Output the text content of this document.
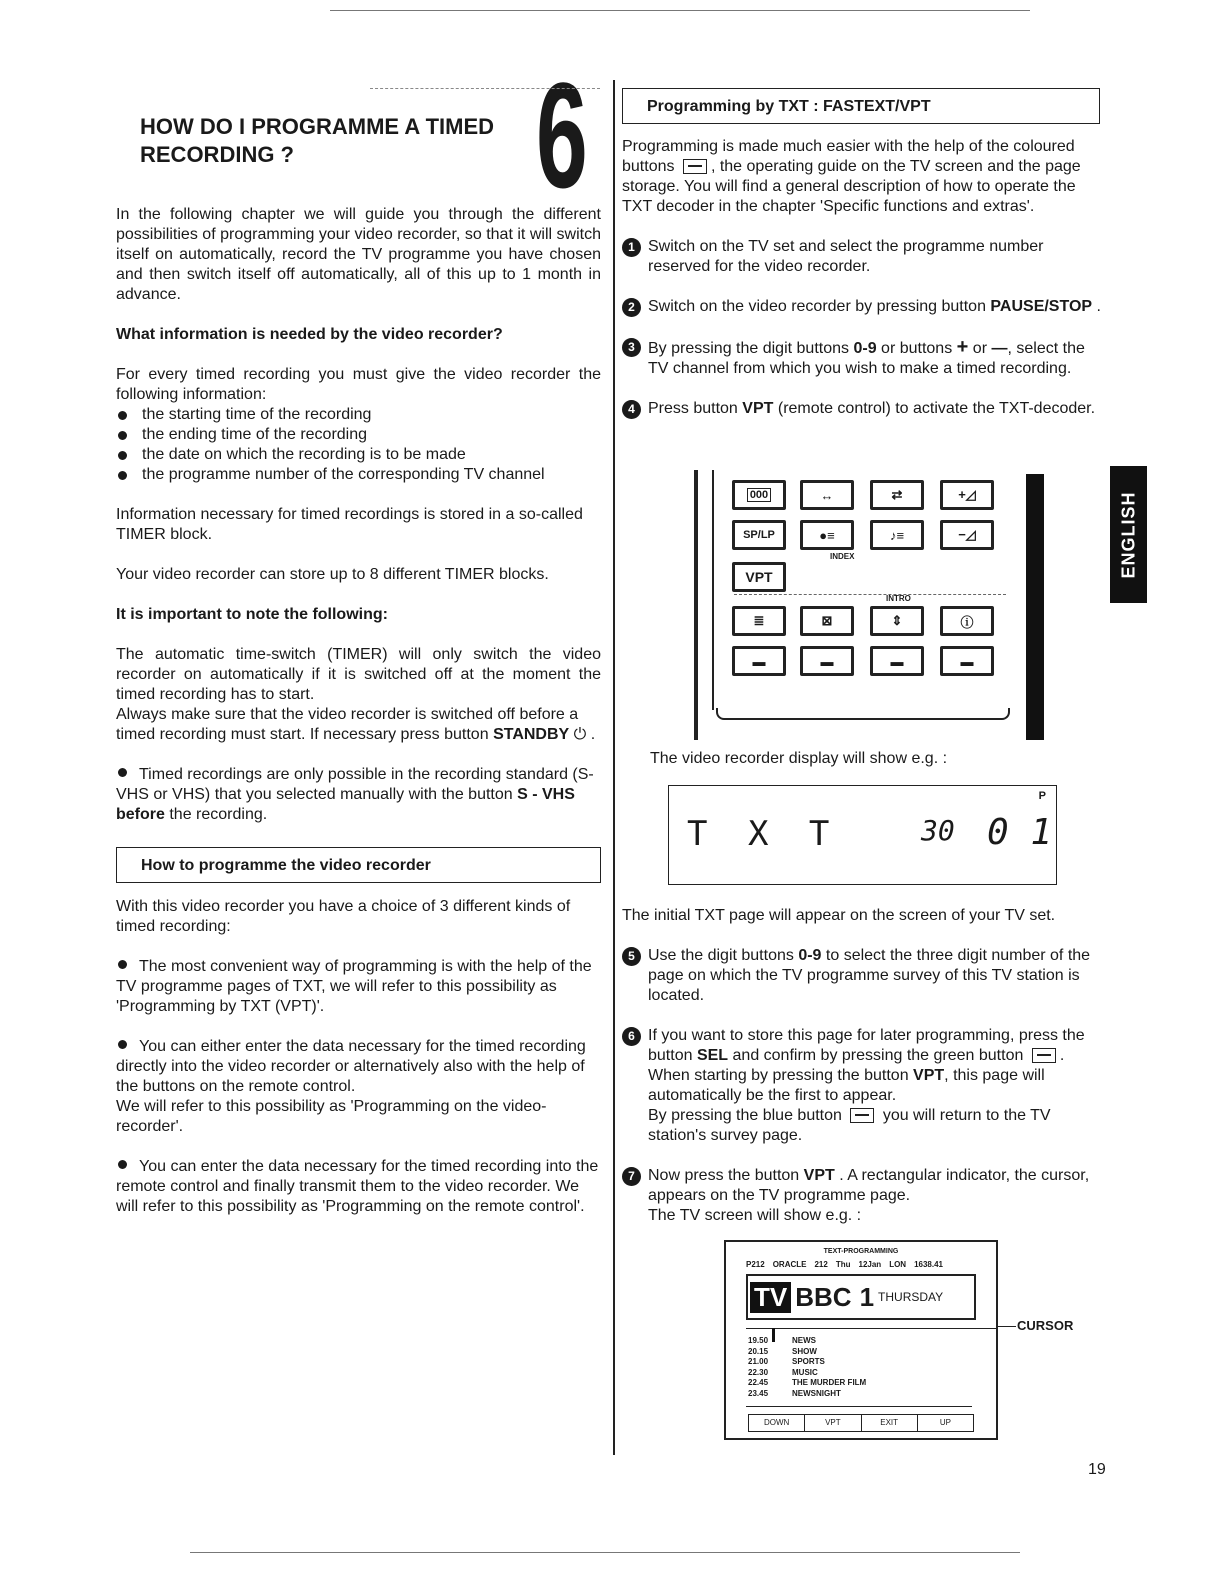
HOW DO I PROGRAMME A TIMED
RECORDING ?	6

In the following chapter we will guide you through the different possibilities of programming your video recorder, so that it will switch itself on automatically, record the TV programme you have chosen and then switch itself off automatically, all of this up to 1 month in advance.

What information is needed by the video recorder?

For every timed recording you must give the video recorder the following information:

the starting time of the recording
the ending time of the recording
the date on which the recording is to be made
the programme number of the corresponding TV channel

Information necessary for timed recordings is stored in a so-called TIMER block.

Your video recorder can store up to 8 different TIMER blocks.

It is important to note the following:

The automatic time-switch (TIMER) will only switch the video recorder on automatically if it is switched off at the moment the timed recording has to start.

Always make sure that the video recorder is switched off before a timed recording must start. If necessary press button STANDBY ⏻ .

Timed recordings are only possible in the recording standard (S-VHS or VHS) that you selected manually with the button S - VHS before the recording.

How to programme the video recorder

With this video recorder you have a choice of 3 different kinds of timed recording:

The most convenient way of programming is with the help of the TV programme pages of TXT, we will refer to this possibility as 'Programming by TXT (VPT)'.

You can either enter the data necessary for the timed recording directly into the video recorder or alternatively also with the help of the buttons on the remote control.

We will refer to this possibility as 'Programming on the video-recorder'.

You can enter the data necessary for the timed recording into the remote control and finally transmit them to the video recorder. We will refer to this possibility as 'Programming on the remote control'.

Programming by TXT : FASTEXT/VPT

Programming is made much easier with the help of the coloured buttons , the operating guide on the TV screen and the page storage. You will find a general description of how to operate the TXT decoder in the chapter 'Specific functions and extras'.

1 Switch on the TV set and select the programme number reserved for the video recorder.
2 Switch on the video recorder by pressing button PAUSE/STOP .
3 By pressing the digit buttons 0-9 or buttons + or —, select the TV channel from which you wish to make a timed recording.
4 Press button VPT (remote control) to activate the TXT-decoder.
000	↔	⇄	+◿
SP/LP	●≡	♪≡	−◿
INDEX
VPT
INTRO
≣	⊠	⇕	ⓘ
▬	▬	▬	▬
ENGLISH

The video recorder display will show e.g. :

P
T X T	30 0 1

The initial TXT page will appear on the screen of your TV set.

5 Use the digit buttons 0-9 to select the three digit number of the page on which the TV programme survey of this TV station is located.
6 If you want to store this page for later programming, press the button SEL and confirm by pressing the green button .
When starting by pressing the button VPT, this page will automatically be the first to appear.
By pressing the blue button	you will return to the TV station's survey page.
7 Now press the button VPT . A rectangular indicator, the cursor, appears on the TV programme page.
The TV screen will show e.g. :
TEXT-PROGRAMMING
P212 ORACLE 212 Thu 12Jan LON 1638.41
TV BBC 1 THURSDAY
19.50	NEWS
20.15	SHOW
21.00	SPORTS
22.30	MUSIC
22.45	THE MURDER FILM
23.45	NEWSNIGHT
DOWN	VPT	EXIT	UP
CURSOR
19
